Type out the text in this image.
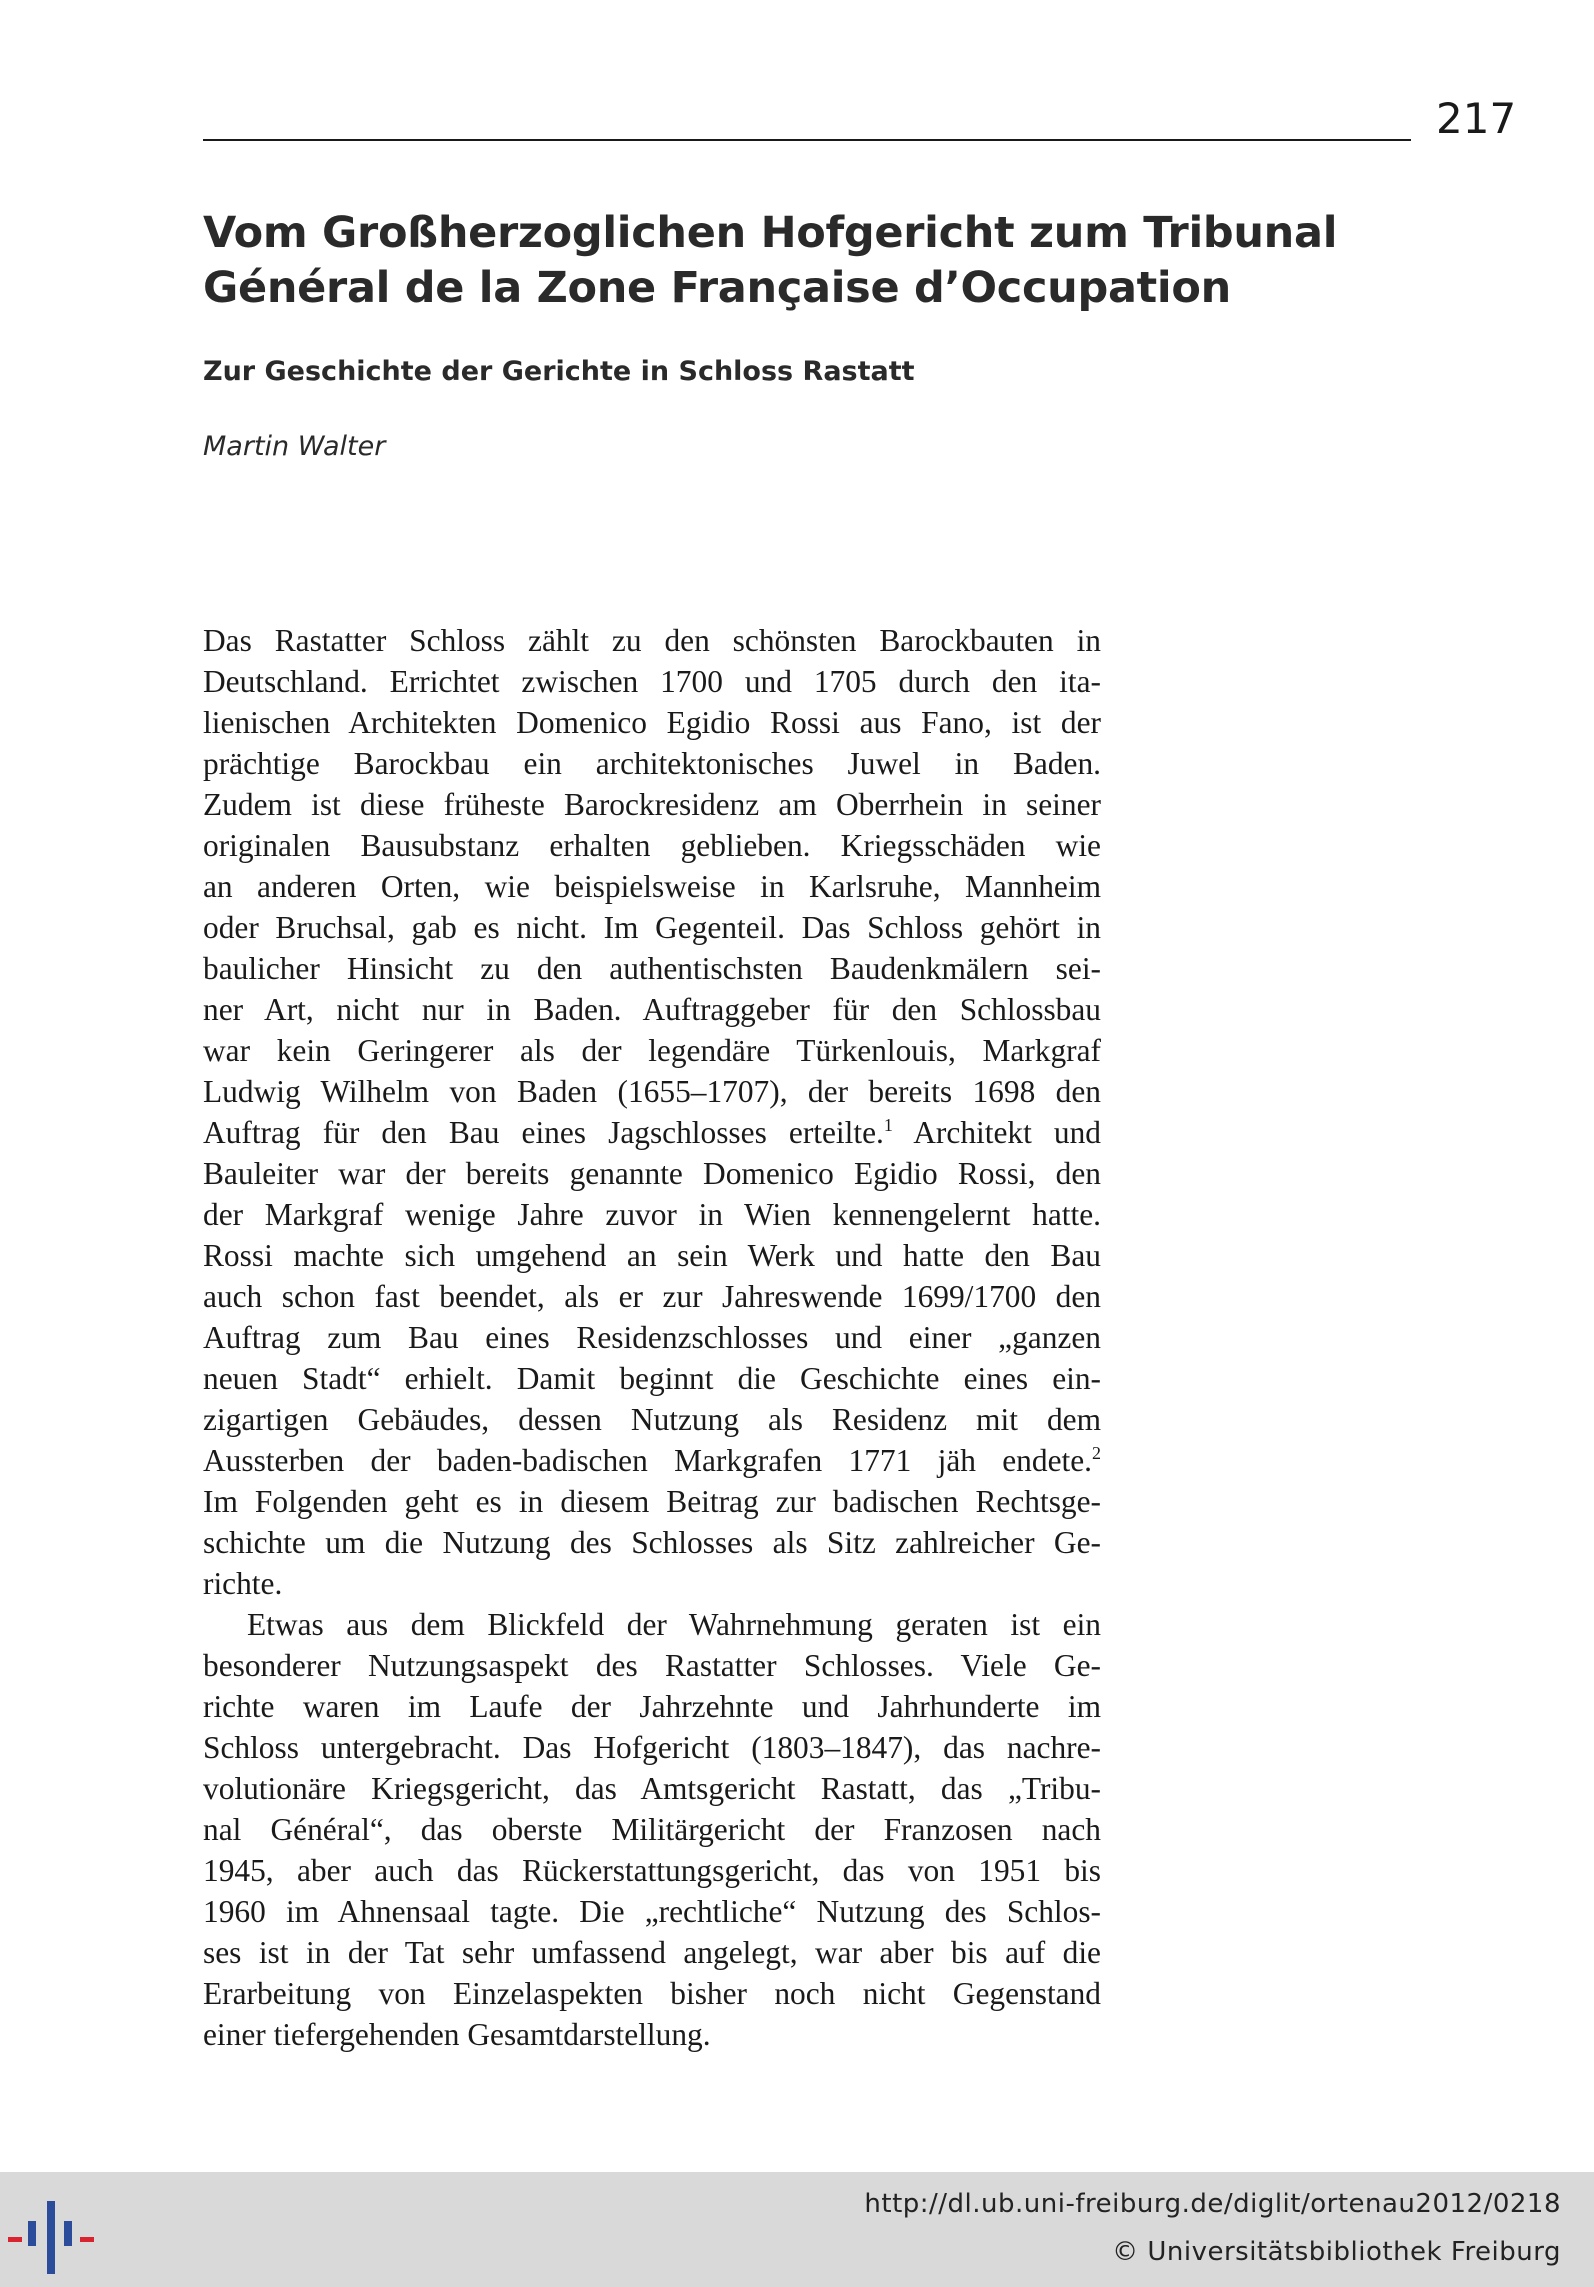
217
Vom Großherzoglichen Hofgericht zum Tribunal
Général de la Zone Française d’Occupation
Zur Geschichte der Gerichte in Schloss Rastatt

Martin Walter

Das Rastatter Schloss zählt zu den schönsten Barockbauten in
Deutschland. Errichtet zwischen 1700 und 1705 durch den ita-
lienischen Architekten Domenico Egidio Rossi aus Fano, ist der
prächtige Barockbau ein architektonisches Juwel in Baden.
Zudem ist diese früheste Barockresidenz am Oberrhein in seiner
originalen Bausubstanz erhalten geblieben. Kriegsschäden wie
an anderen Orten, wie beispielsweise in Karlsruhe, Mannheim
oder Bruchsal, gab es nicht. Im Gegenteil. Das Schloss gehört in
baulicher Hinsicht zu den authentischsten Baudenkmälern sei-
ner Art, nicht nur in Baden. Auftraggeber für den Schlossbau
war kein Geringerer als der legendäre Türkenlouis, Markgraf
Ludwig Wilhelm von Baden (1655–1707), der bereits 1698 den
Auftrag für den Bau eines Jagschlosses erteilte.$^1$ Architekt und
Bauleiter war der bereits genannte Domenico Egidio Rossi, den
der Markgraf wenige Jahre zuvor in Wien kennengelernt hatte.
Rossi machte sich umgehend an sein Werk und hatte den Bau
auch schon fast beendet, als er zur Jahreswende 1699/1700 den
Auftrag zum Bau eines Residenzschlosses und einer „ganzen
neuen Stadt“ erhielt. Damit beginnt die Geschichte eines ein-
zigartigen Gebäudes, dessen Nutzung als Residenz mit dem
Aussterben der baden-badischen Markgrafen 1771 jäh endete.$^2$
Im Folgenden geht es in diesem Beitrag zur badischen Rechtsge-
schichte um die Nutzung des Schlosses als Sitz zahlreicher Ge-
richte.
Etwas aus dem Blickfeld der Wahrnehmung geraten ist ein
besonderer Nutzungsaspekt des Rastatter Schlosses. Viele Ge-
richte waren im Laufe der Jahrzehnte und Jahrhunderte im
Schloss untergebracht. Das Hofgericht (1803–1847), das nachre-
volutionäre Kriegsgericht, das Amtsgericht Rastatt, das „Tribu-
nal Général“, das oberste Militärgericht der Franzosen nach
1945, aber auch das Rückerstattungsgericht, das von 1951 bis
1960 im Ahnensaal tagte. Die „rechtliche“ Nutzung des Schlos-
ses ist in der Tat sehr umfassend angelegt, war aber bis auf die
Erarbeitung von Einzelaspekten bisher noch nicht Gegenstand
einer tiefergehenden Gesamtdarstellung.
http://dl.ub.uni-freiburg.de/diglit/ortenau2012/0218
© Universitätsbibliothek Freiburg
